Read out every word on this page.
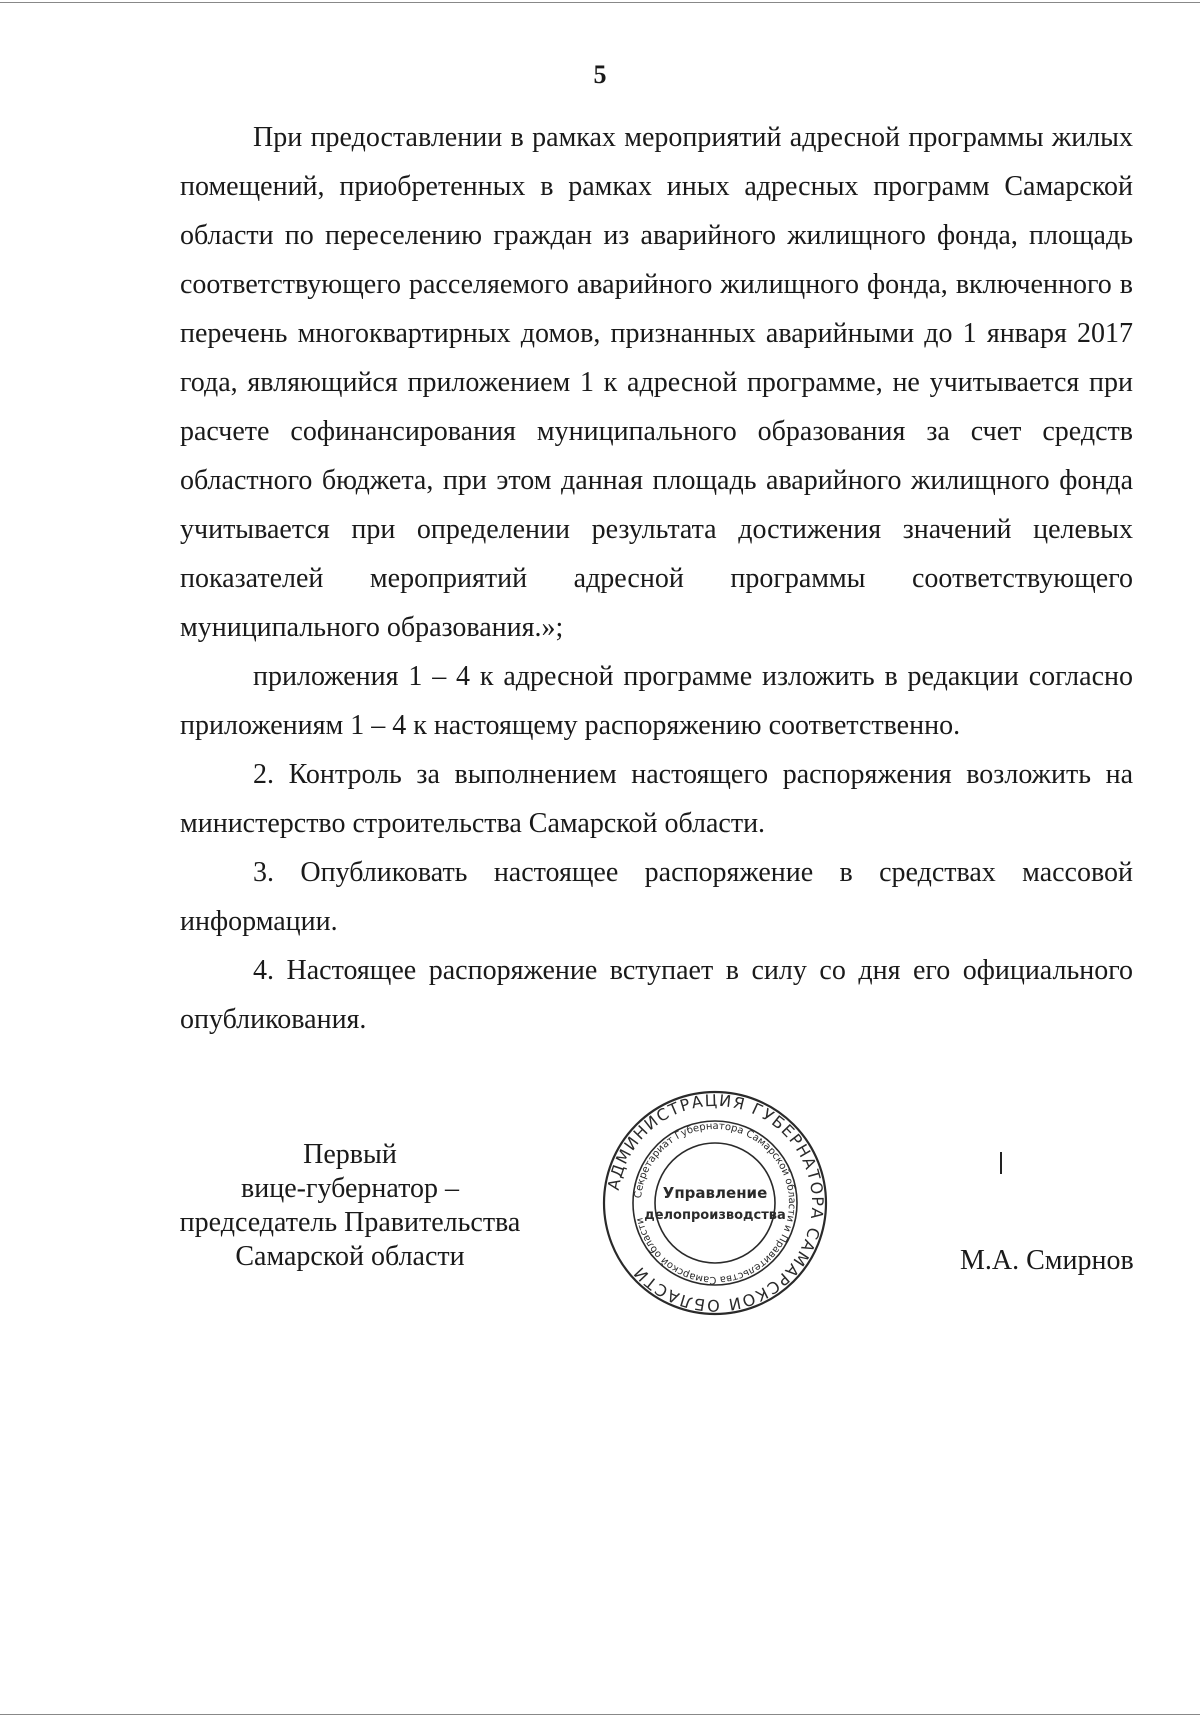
5

При предоставлении в рамках мероприятий адресной программы жилых помещений, приобретенных в рамках иных адресных программ Самарской области по переселению граждан из аварийного жилищного фонда, площадь соответствующего расселяемого аварийного жилищного фонда, включенного в перечень многоквартирных домов, признанных аварийными до 1 января 2017 года, являющийся приложением 1 к адресной программе, не учитывается при расчете софинансирования муниципального образования за счет средств областного бюджета, при этом данная площадь аварийного жилищного фонда учитывается при определении результата достижения значений целевых показателей мероприятий адресной программы соответствующего муниципального образования.»;

приложения 1 – 4 к адресной программе изложить в редакции согласно приложениям 1 – 4 к настоящему распоряжению соответственно.

2. Контроль за выполнением настоящего распоряжения возложить на министерство строительства Самарской области.

3. Опубликовать настоящее распоряжение в средствах массовой информации.

4. Настоящее распоряжение вступает в силу со дня его официального опубликования.

Первый
вице-губернатор –
председатель Правительства
Самарской области	М.А. Смирнов
АДМИНИСТРАЦИЯ ГУБЕРНАТОРА САМАРСКОЙ ОБЛАСТИ
Секретариат Губернатора Самарской области и Правительства Самарской области
Управление
делопроизводства
